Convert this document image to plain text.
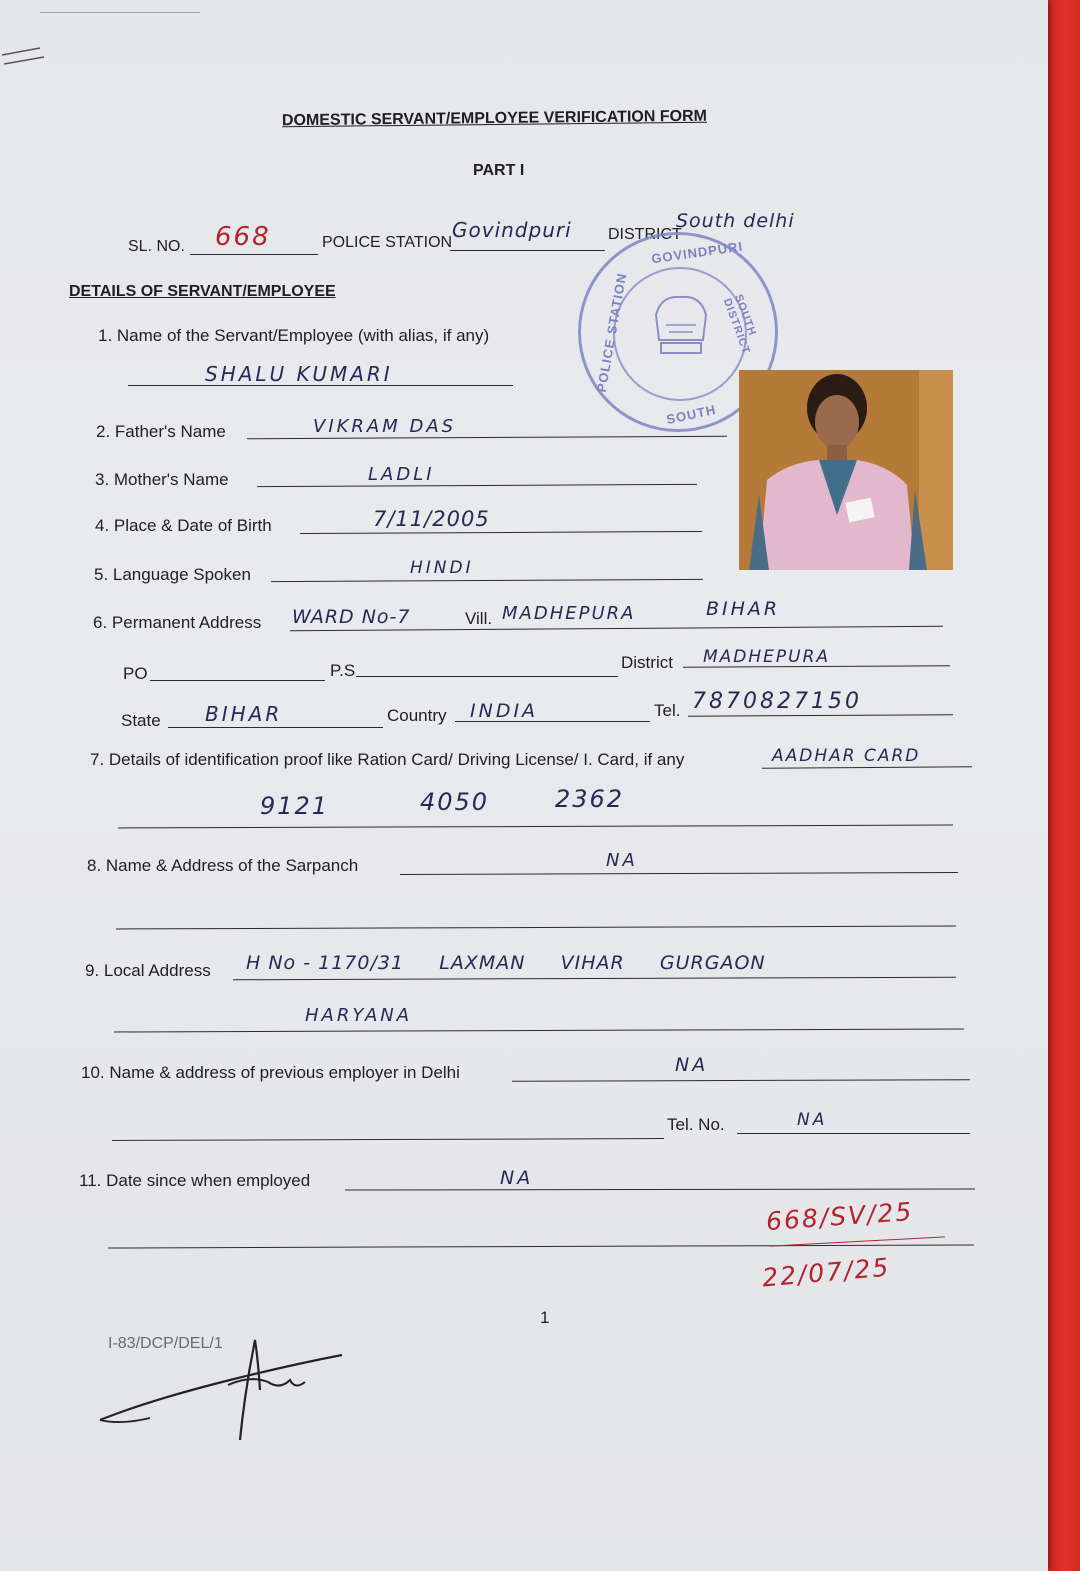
DOMESTIC SERVANT/EMPLOYEE VERIFICATION FORM
PART I
SL. NO. 668	POLICE STATION
Govindpuri DISTRICT
South delhi
DETAILS OF SERVANT/EMPLOYEE
GOVINDPURI
POLICE STATION
SOUTH
SOUTH DISTRICT
1. Name of the Servant/Employee (with alias, if any)
SHALU KUMARI
2. Father's Name	VIKRAM DAS
3. Mother's Name	LADLI
4. Place & Date of Birth	7/11/2005
5. Language Spoken	HINDI
6. Permanent Address WARD No-7	Vill. MADHEPURA	BIHAR
PO	P.S	District MADHEPURA
State BIHAR	Country INDIA	Tel. 7870827150
7. Details of identification proof like Ration Card/ Driving License/ I. Card, if any	AADHAR CARD
9121	4050	2362
8. Name & Address of the Sarpanch	NA
9. Local Address H No - 1170/31     LAXMAN     VIHAR     GURGAON
HARYANA
10. Name & address of previous employer in Delhi	NA
Tel. No.	NA
11. Date since when employed	NA
668/SV/25
22/07/25
1
I-83/DCP/DEL/1
